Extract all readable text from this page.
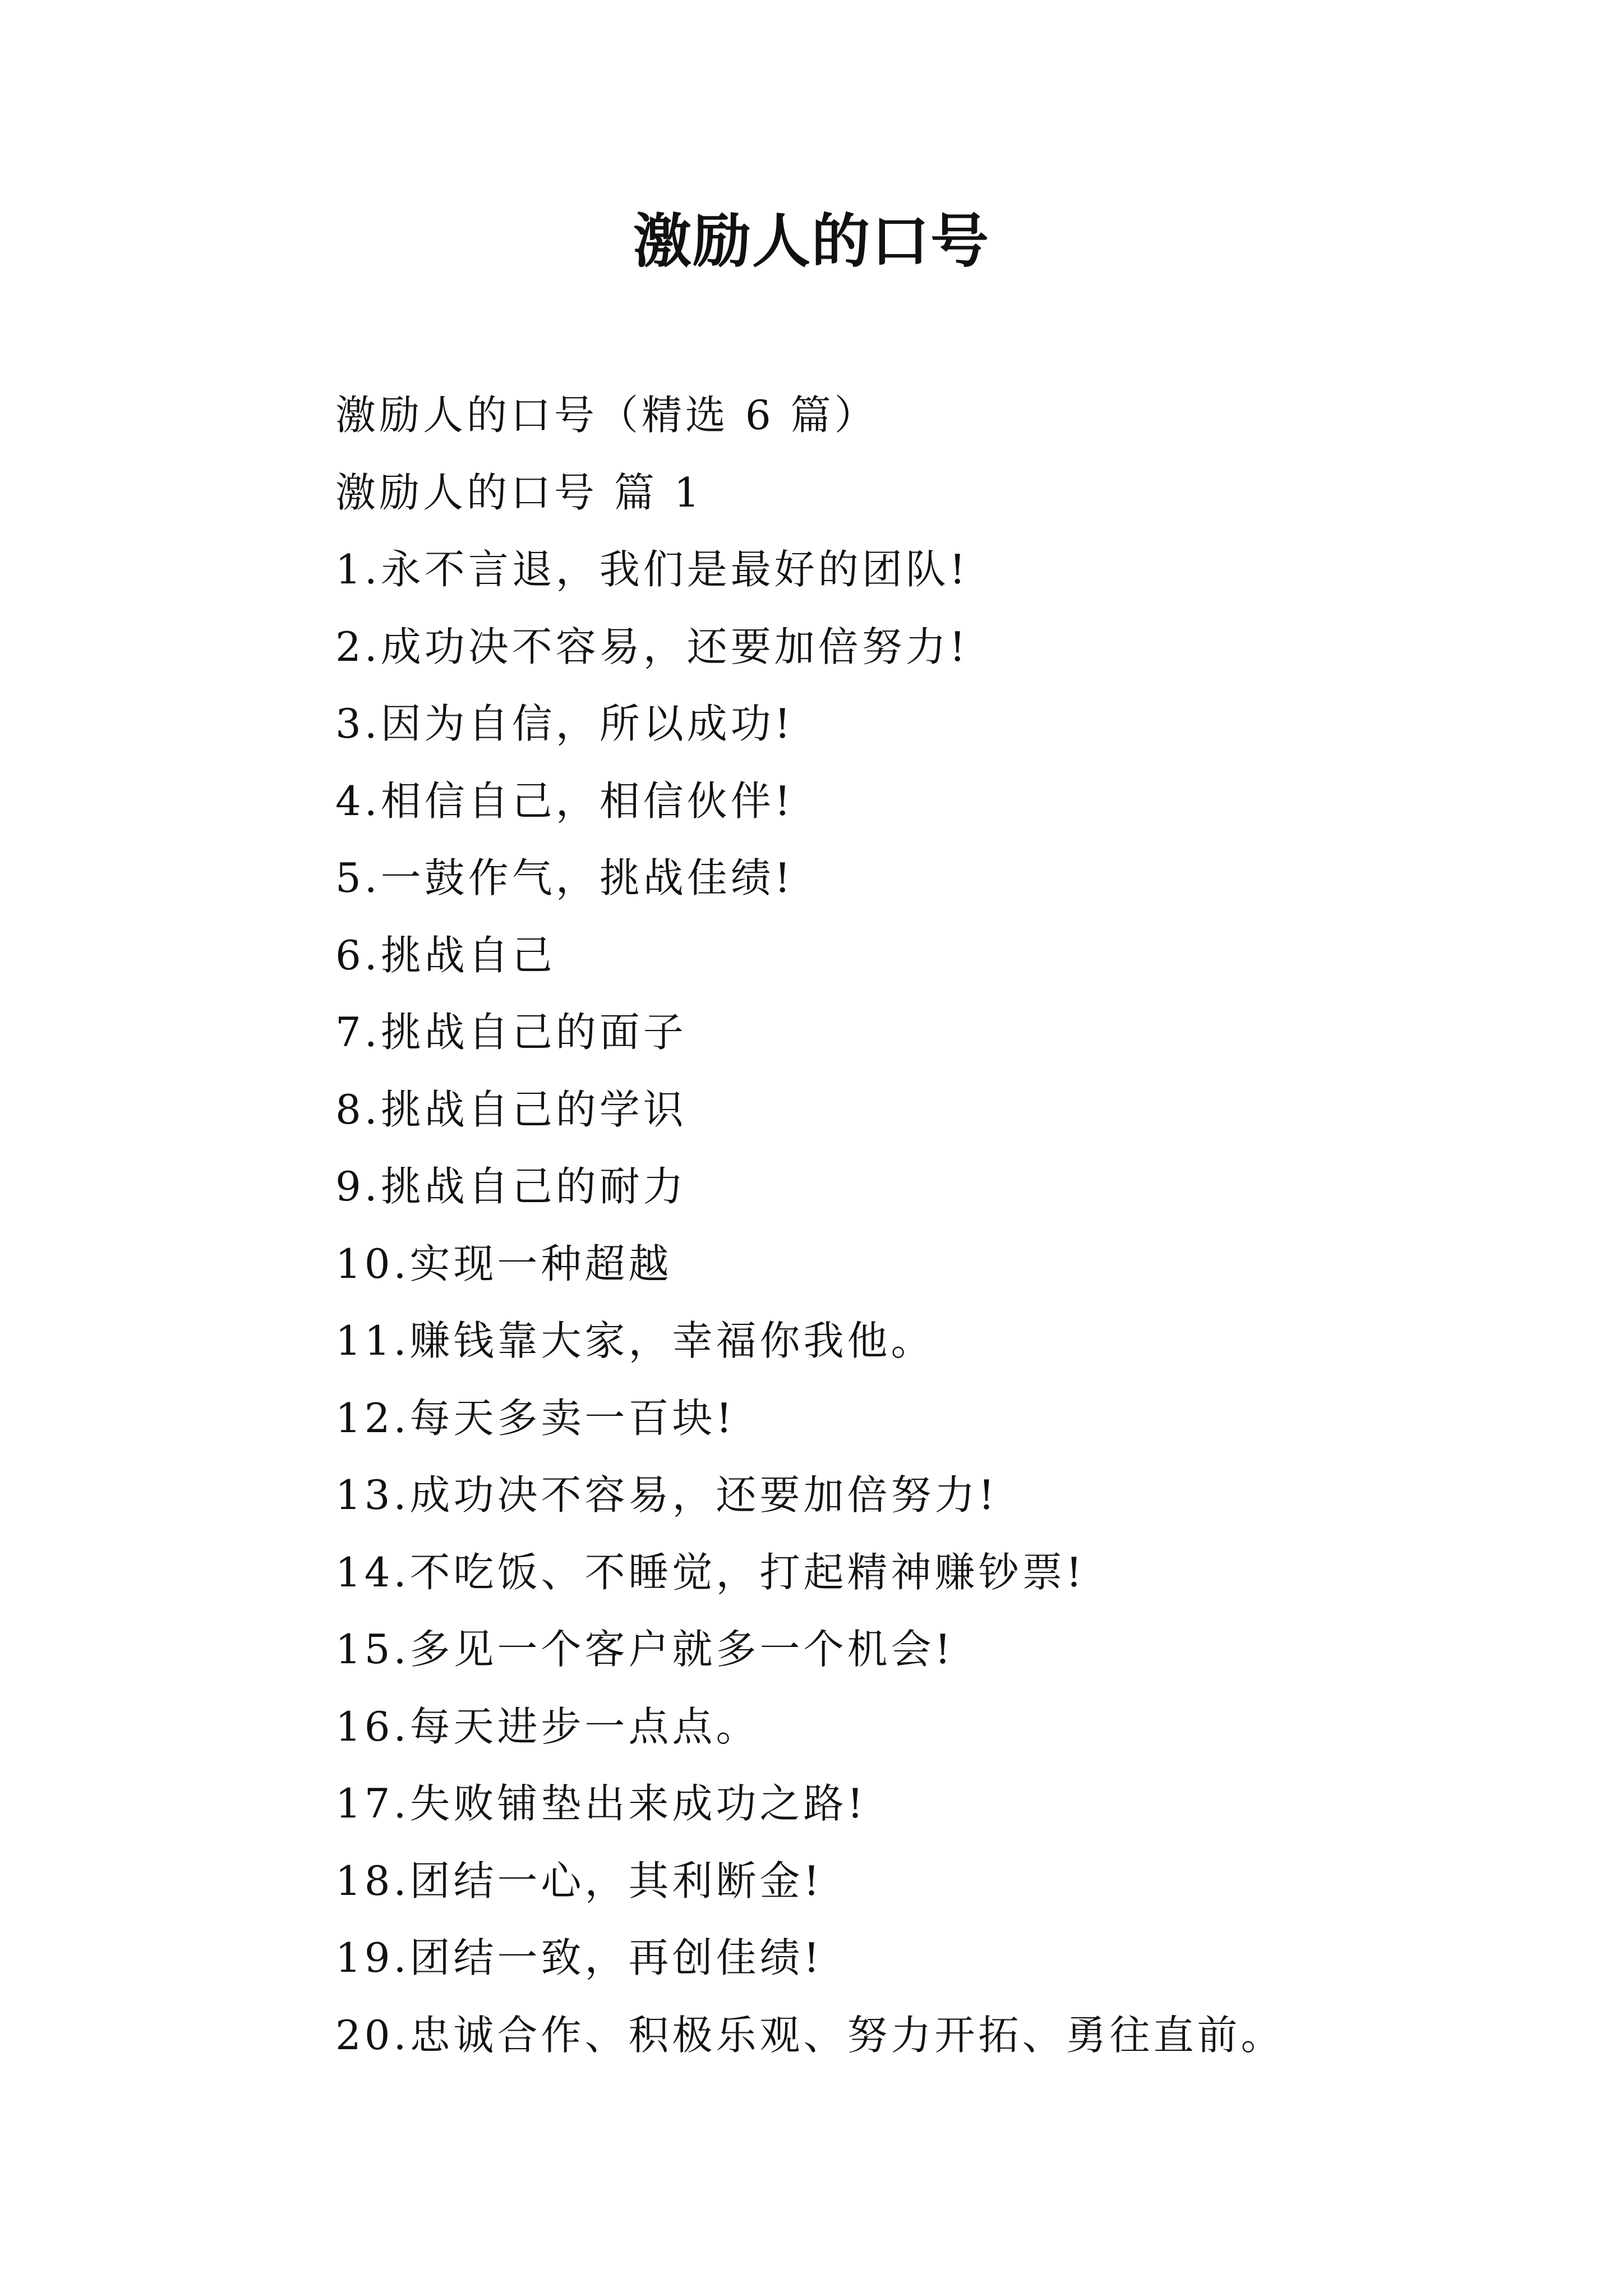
激励人的口号
激励人的口号（精选 6 篇）
激励人的口号 篇 1
1.永不言退，我们是最好的团队!
2.成功决不容易，还要加倍努力!
3.因为自信，所以成功!
4.相信自己，相信伙伴!
5.一鼓作气，挑战佳绩!
6.挑战自己
7.挑战自己的面子
8.挑战自己的学识
9.挑战自己的耐力
10.实现一种超越
11.赚钱靠大家，幸福你我他。
12.每天多卖一百块!
13.成功决不容易，还要加倍努力!
14.不吃饭、不睡觉，打起精神赚钞票!
15.多见一个客户就多一个机会!
16.每天进步一点点。
17.失败铺垫出来成功之路!
18.团结一心，其利断金!
19.团结一致，再创佳绩!
20.忠诚合作、积极乐观、努力开拓、勇往直前。
